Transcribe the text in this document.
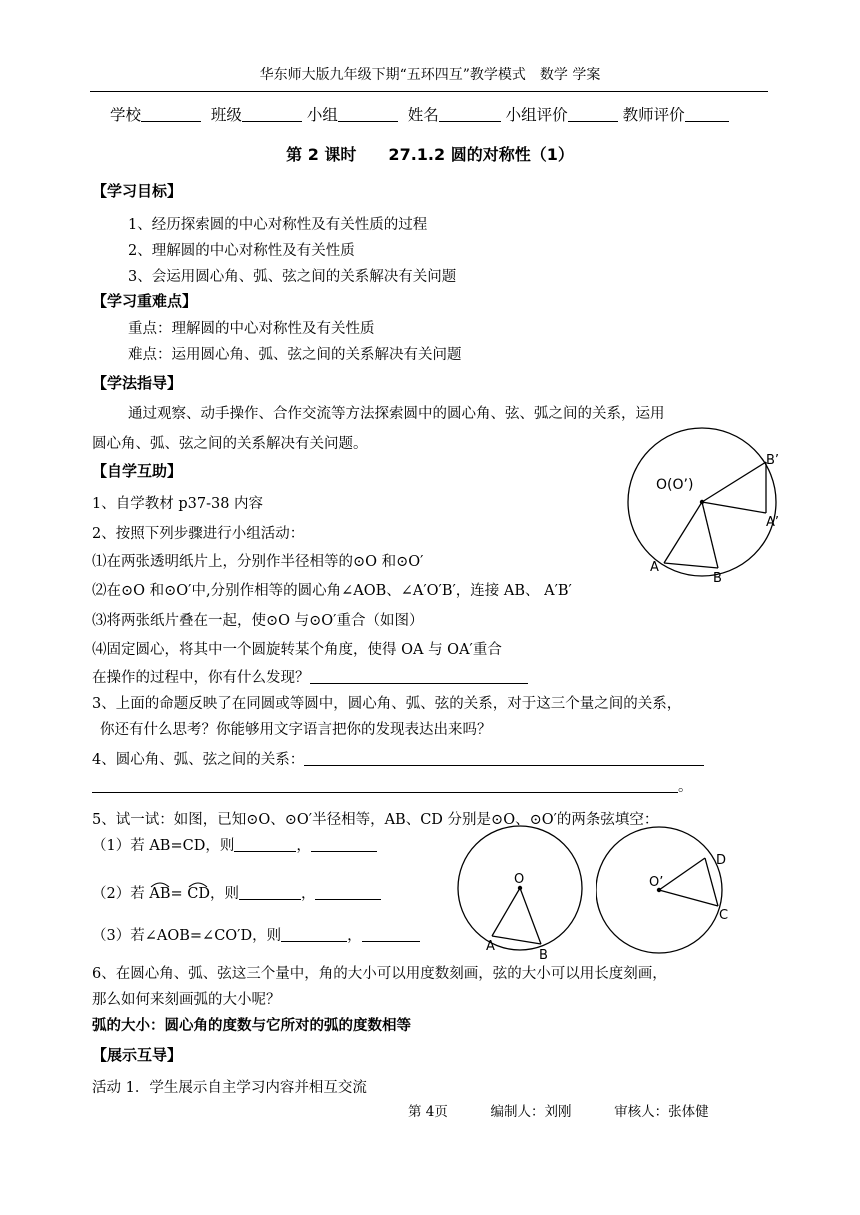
华东师大版九年级下期“五环四互”教学模式　数学 学案
学校	班级	小组	姓名	小组评价	教师评价
第 2 课时　　27.1.2 圆的对称性（1）
【学习目标】
1、经历探索圆的中心对称性及有关性质的过程
2、理解圆的中心对称性及有关性质
3、会运用圆心角、弧、弦之间的关系解决有关问题
【学习重难点】
重点：理解圆的中心对称性及有关性质
难点：运用圆心角、弧、弦之间的关系解决有关问题
【学法指导】
通过观察、动手操作、合作交流等方法探索圆中的圆心角、弦、弧之间的关系，运用
圆心角、弧、弦之间的关系解决有关问题。
【自学互助】
1、自学教材 p37-38 内容
2、按照下列步骤进行小组活动：
⑴在两张透明纸片上，分别作半径相等的⊙O 和⊙O′
⑵在⊙O 和⊙O′中,分别作相等的圆心角∠AOB、∠A′O′B′，连接 AB、 A′B′
⑶将两张纸片叠在一起，使⊙O 与⊙O′重合（如图）
⑷固定圆心，将其中一个圆旋转某个角度，使得 OA 与 OA′重合
在操作的过程中，你有什么发现？
3、上面的命题反映了在同圆或等圆中，圆心角、弧、弦的关系，对于这三个量之间的关系，
你还有什么思考？你能够用文字语言把你的发现表达出来吗？
4、圆心角、弧、弦之间的关系：
。
5、试一试：如图，已知⊙O、⊙O′半径相等，AB、CD 分别是⊙O、⊙O′的两条弦填空：
（1）若 AB=CD，则	，
（2）若 AB= CD，则	，
（3）若∠AOB=∠CO′D，则	，
6、在圆心角、弧、弦这三个量中，角的大小可以用度数刻画，弦的大小可以用长度刻画，
那么如何来刻画弧的大小呢？
弧的大小：圆心角的度数与它所对的弧的度数相等
【展示互导】
活动 1．学生展示自主学习内容并相互交流
第 4页	编制人：刘刚	审核人：张体健
O(O’)
A
B
A’
B’
O
A
B
O’
C
D
